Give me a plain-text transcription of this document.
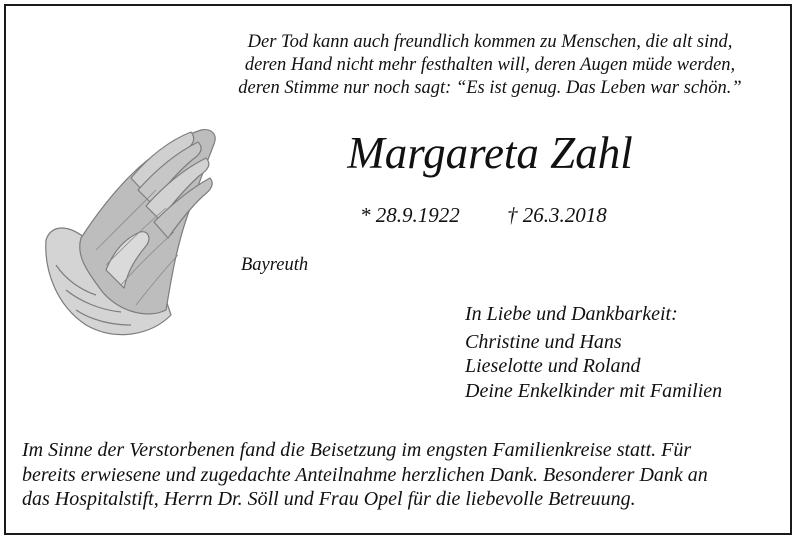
Der Tod kann auch freundlich kommen zu Menschen, die alt sind,
deren Hand nicht mehr festhalten will, deren Augen müde werden,
deren Stimme nur noch sagt: “Es ist genug. Das Leben war schön.”
Margareta Zahl
* 28.9.1922 † 26.3.2018
Bayreuth
In Liebe und Dankbarkeit:
Christine und Hans
Lieselotte und Roland
Deine Enkelkinder mit Familien
Im Sinne der Verstorbenen fand die Beisetzung im engsten Familienkreise statt. Für
bereits erwiesene und zugedachte Anteilnahme herzlichen Dank. Besonderer Dank an
das Hospitalstift, Herrn Dr. Söll und Frau Opel für die liebevolle Betreuung.
